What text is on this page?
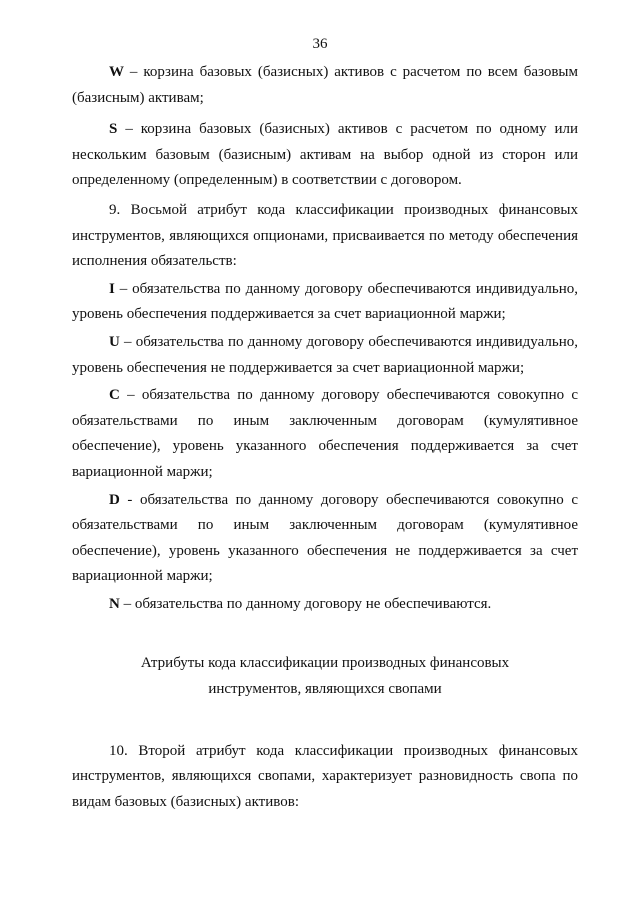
36

W – корзина базовых (базисных) активов с расчетом по всем базовым (базисным) активам;

S – корзина базовых (базисных) активов с расчетом по одному или нескольким базовым (базисным) активам на выбор одной из сторон или определенному (определенным) в соответствии с договором.

9. Восьмой атрибут кода классификации производных финансовых инструментов, являющихся опционами, присваивается по методу обеспечения исполнения обязательств:

I – обязательства по данному договору обеспечиваются индивидуально, уровень обеспечения поддерживается за счет вариационной маржи;

U – обязательства по данному договору обеспечиваются индивидуально, уровень обеспечения не поддерживается за счет вариационной маржи;

C – обязательства по данному договору обеспечиваются совокупно с обязательствами по иным заключенным договорам (кумулятивное обеспечение), уровень указанного обеспечения поддерживается за счет вариационной маржи;

D - обязательства по данному договору обеспечиваются совокупно с обязательствами по иным заключенным договорам (кумулятивное обеспечение), уровень указанного обеспечения не поддерживается за счет вариационной маржи;

N – обязательства по данному договору не обеспечиваются.

Атрибуты кода классификации производных финансовых
инструментов, являющихся свопами

10. Второй атрибут кода классификации производных финансовых инструментов, являющихся свопами, характеризует разновидность свопа по видам базовых (базисных) активов:
